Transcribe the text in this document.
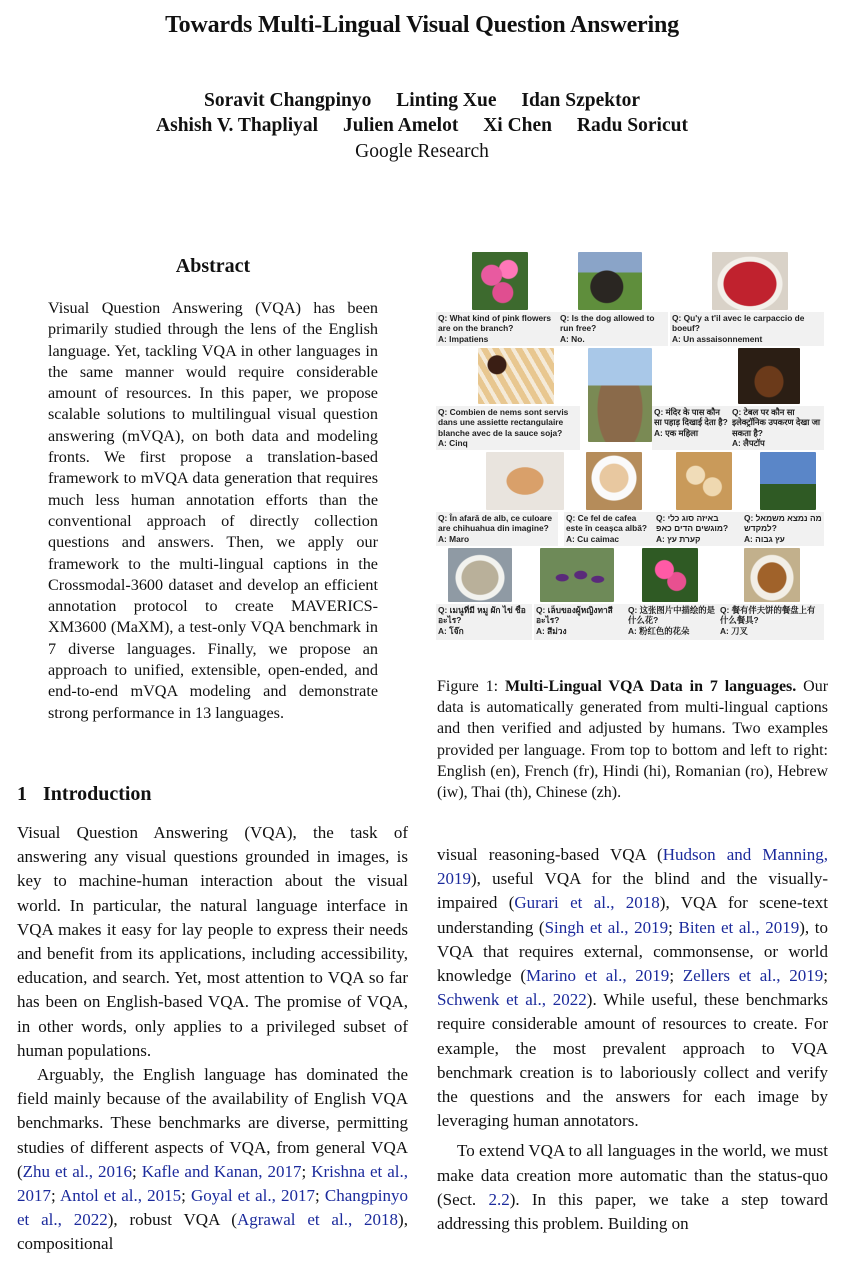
Towards Multi-Lingual Visual Question Answering
Soravit Changpinyo Linting Xue Idan Szpektor
Ashish V. Thapliyal Julien Amelot Xi Chen Radu Soricut
Google Research
Abstract
Visual Question Answering (VQA) has been primarily studied through the lens of the English language. Yet, tackling VQA in other languages in the same manner would require considerable amount of resources. In this paper, we propose scalable solutions to multilingual visual question answering (mVQA), on both data and modeling fronts. We first propose a translation-based framework to mVQA data generation that requires much less human annotation efforts than the conventional approach of directly collection questions and answers. Then, we apply our framework to the multi-lingual captions in the Crossmodal-3600 dataset and develop an efficient annotation protocol to create MAVERICS-XM3600 (MaXM), a test-only VQA benchmark in 7 diverse languages. Finally, we propose an approach to unified, extensible, open-ended, and end-to-end mVQA modeling and demonstrate strong performance in 13 languages.
1 Introduction

Visual Question Answering (VQA), the task of answering any visual questions grounded in images, is key to machine-human interaction about the visual world. In particular, the natural language interface in VQA makes it easy for lay people to express their needs and benefit from its applications, including accessibility, education, and search. Yet, most attention to VQA so far has been on English-based VQA. The promise of VQA, in other words, only applies to a privileged subset of human populations.

Arguably, the English language has dominated the field mainly because of the availability of English VQA benchmarks. These benchmarks are diverse, permitting studies of different aspects of VQA, from general VQA (Zhu et al., 2016; Kafle and Kanan, 2017; Krishna et al., 2017; Antol et al., 2015; Goyal et al., 2017; Changpinyo et al., 2022), robust VQA (Agrawal et al., 2018), compositional

visual reasoning-based VQA (Hudson and Manning, 2019), useful VQA for the blind and the visually-impaired (Gurari et al., 2018), VQA for scene-text understanding (Singh et al., 2019; Biten et al., 2019), to VQA that requires external, commonsense, or world knowledge (Marino et al., 2019; Zellers et al., 2019; Schwenk et al., 2022). While useful, these benchmarks require considerable amount of resources to create. For example, the most prevalent approach to VQA benchmark creation is to laboriously collect and verify the questions and the answers for each image by leveraging human annotators.

To extend VQA to all languages in the world, we must make data creation more automatic than the status-quo (Sect. 2.2). In this paper, we take a step toward addressing this problem. Building on

Q: What kind of pink flowers are on the branch?
A: Impatiens
Q: Is the dog allowed to run free?
A: No.
Q: Qu'y a t'il avec le carpaccio de boeuf?
A: Un assaisonnement
Q: Combien de nems sont servis dans une assiette rectangulaire blanche avec de la sauce soja?
A: Cinq
Q: मंदिर के पास कौन सा पहाड़ दिखाई देता है?
A: एक महिला
Q: टेबल पर कौन सा इलेक्ट्रॉनिक उपकरण देखा जा सकता है?
A: लैपटॉप
Q: În afară de alb, ce culoare are chihuahua din imagine?
A: Maro
Q: Ce fel de cafea este în ceașca albă?
A: Cu caimac
Q: באיזה סוג כלי מוגשים הדים כאפ?
A: קערת עץ
Q: מה נמצא משמאל למקדש?
A: עץ גבוה
Q: เมนูที่มี หมู ผัก ไข่ ชื่อ อะไร?
A: โจ๊ก
Q: เล็บของผู้หญิงทาสี อะไร?
A: สีม่วง
Q: 这张图片中描绘的是什么花?
A: 粉红色的花朵
Q: 餐有伴夫饼的餐盘上有什么餐具?
A: 刀叉
Figure 1: Multi-Lingual VQA Data in 7 languages. Our data is automatically generated from multi-lingual captions and then verified and adjusted by humans. Two examples provided per language. From top to bottom and left to right: English (en), French (fr), Hindi (hi), Romanian (ro), Hebrew (iw), Thai (th), Chinese (zh).
